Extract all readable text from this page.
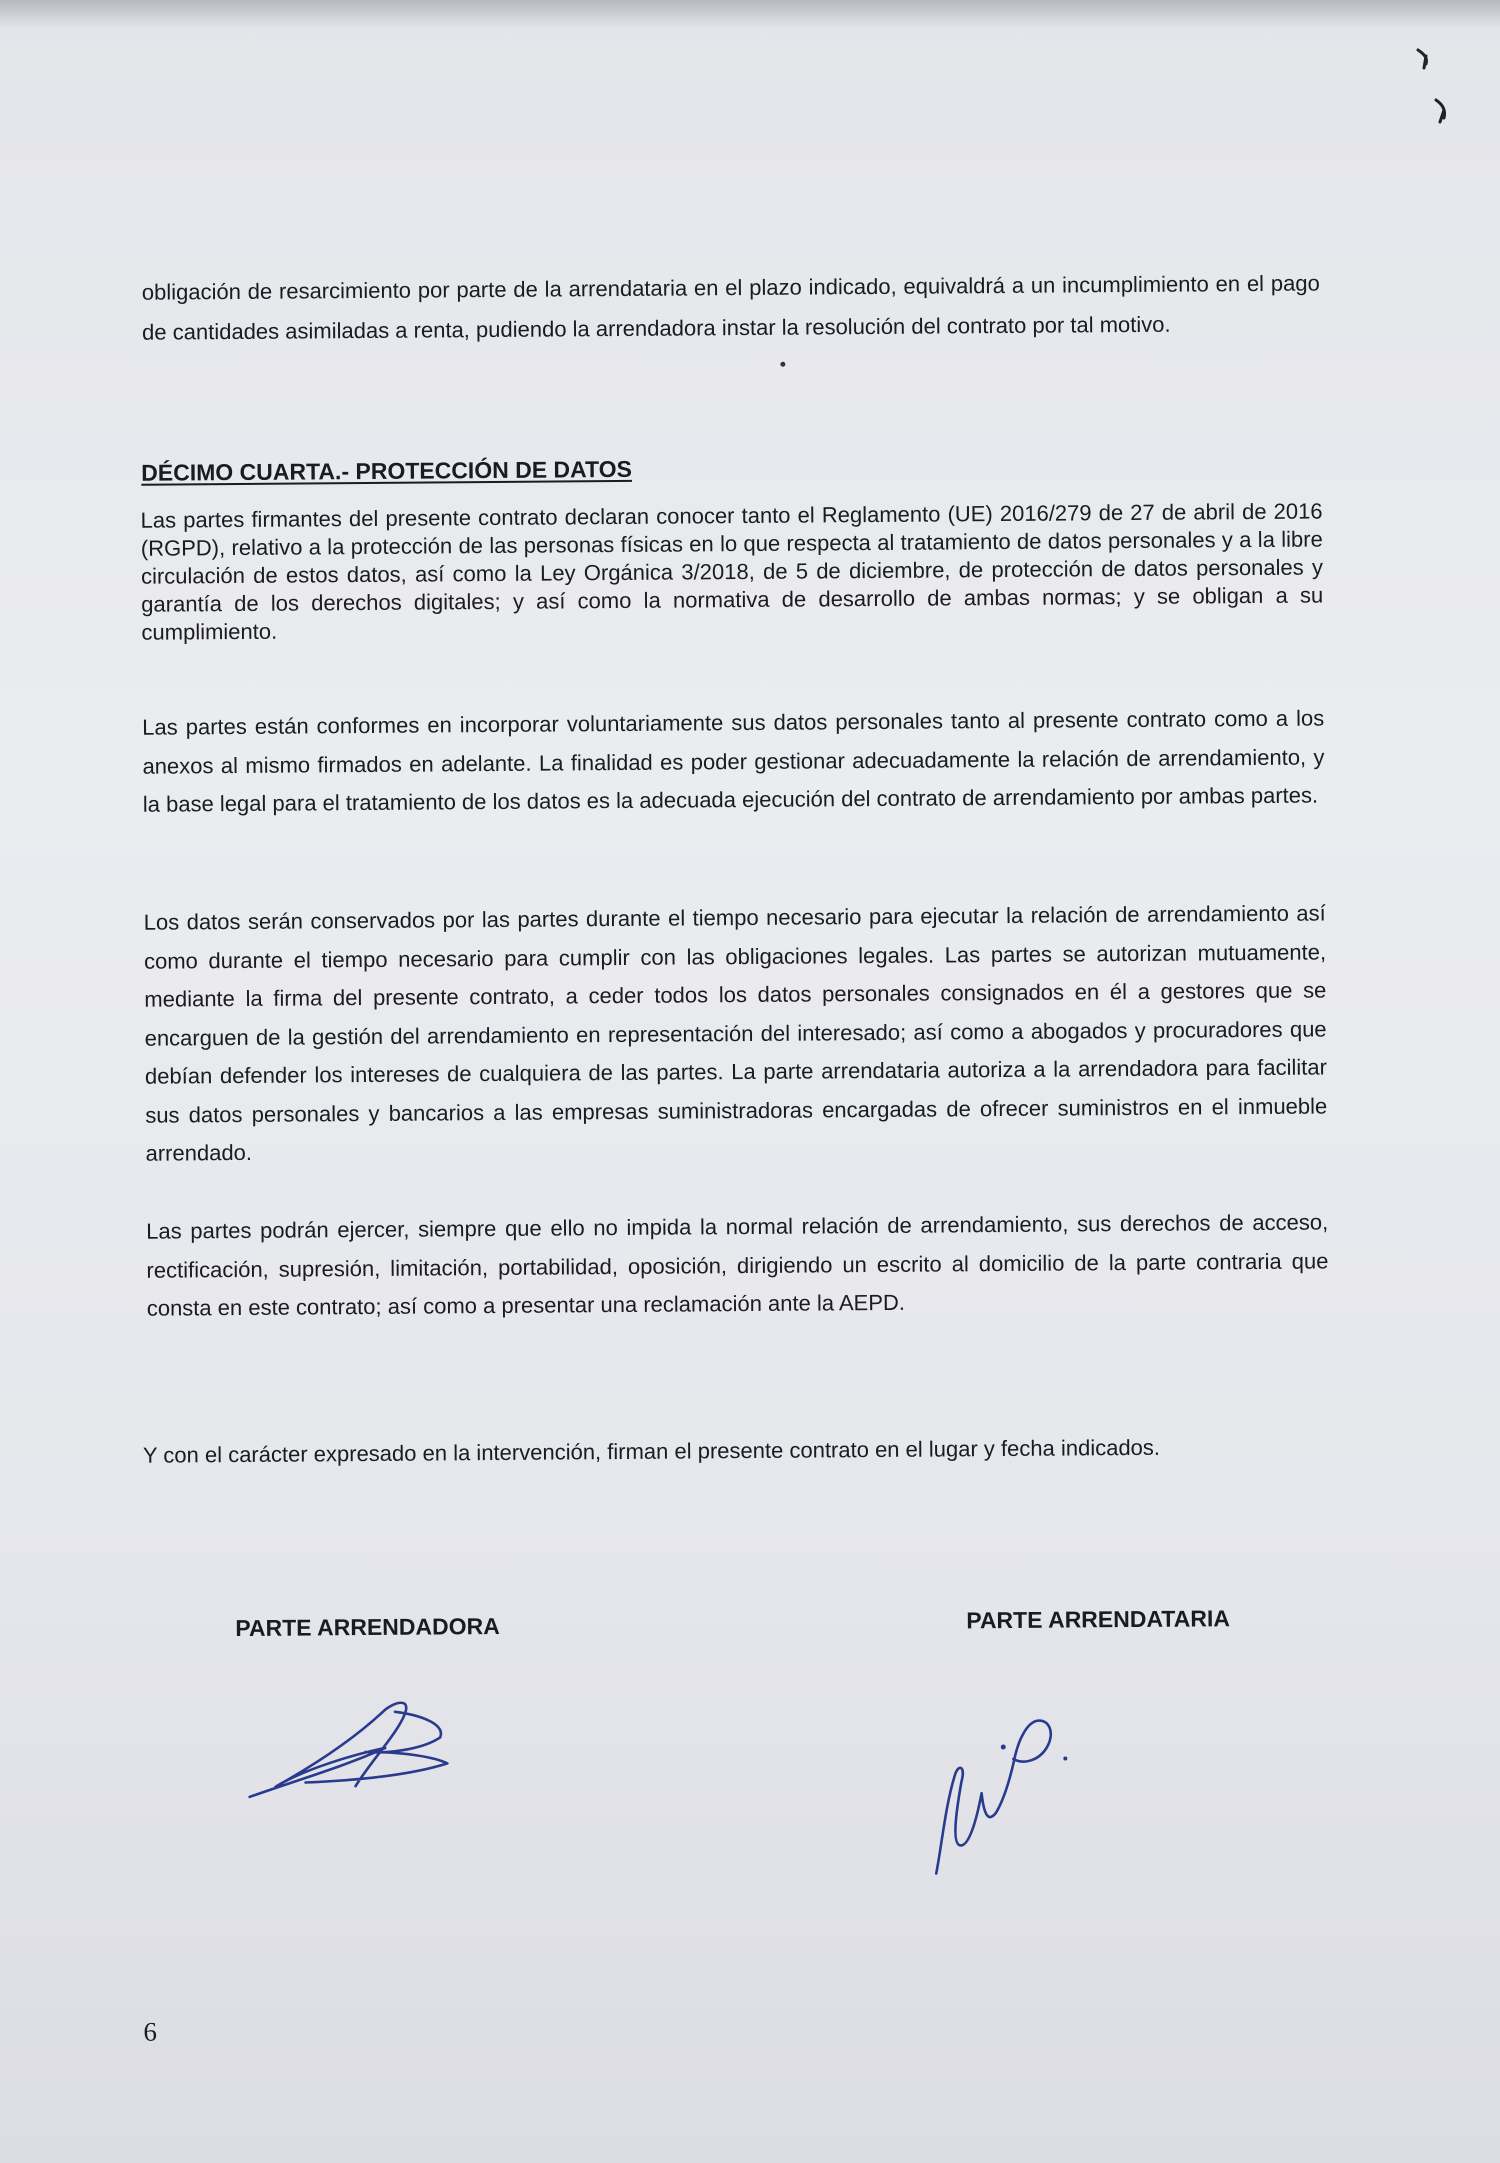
obligación de resarcimiento por parte de la arrendataria en el plazo indicado, equivaldrá a un incumplimiento en el pago de cantidades asimiladas a renta, pudiendo la arrendadora instar la resolución del contrato por tal motivo.
DÉCIMO CUARTA.- PROTECCIÓN DE DATOS
Las partes firmantes del presente contrato declaran conocer tanto el Reglamento (UE) 2016/279 de 27 de abril de 2016 (RGPD), relativo a la protección de las personas físicas en lo que respecta al tratamiento de datos personales y a la libre circulación de estos datos, así como la Ley Orgánica 3/2018, de 5 de diciembre, de protección de datos personales y garantía de los derechos digitales; y así como la normativa de desarrollo de ambas normas; y se obligan a su cumplimiento.
Las partes están conformes en incorporar voluntariamente sus datos personales tanto al presente contrato como a los anexos al mismo firmados en adelante. La finalidad es poder gestionar adecuadamente la relación de arrendamiento, y la base legal para el tratamiento de los datos es la adecuada ejecución del contrato de arrendamiento por ambas partes.
Los datos serán conservados por las partes durante el tiempo necesario para ejecutar la relación de arrendamiento así como durante el tiempo necesario para cumplir con las obligaciones legales. Las partes se autorizan mutuamente, mediante la firma del presente contrato, a ceder todos los datos personales consignados en él a gestores que se encarguen de la gestión del arrendamiento en representación del interesado; así como a abogados y procuradores que debían defender los intereses de cualquiera de las partes. La parte arrendataria autoriza a la arrendadora para facilitar sus datos personales y bancarios a las empresas suministradoras encargadas de ofrecer suministros en el inmueble arrendado.
Las partes podrán ejercer, siempre que ello no impida la normal relación de arrendamiento, sus derechos de acceso, rectificación, supresión, limitación, portabilidad, oposición, dirigiendo un escrito al domicilio de la parte contraria que consta en este contrato; así como a presentar una reclamación ante la AEPD.
Y con el carácter expresado en la intervención, firman el presente contrato en el lugar y fecha indicados.
PARTE ARRENDADORA	PARTE ARRENDATARIA
6
